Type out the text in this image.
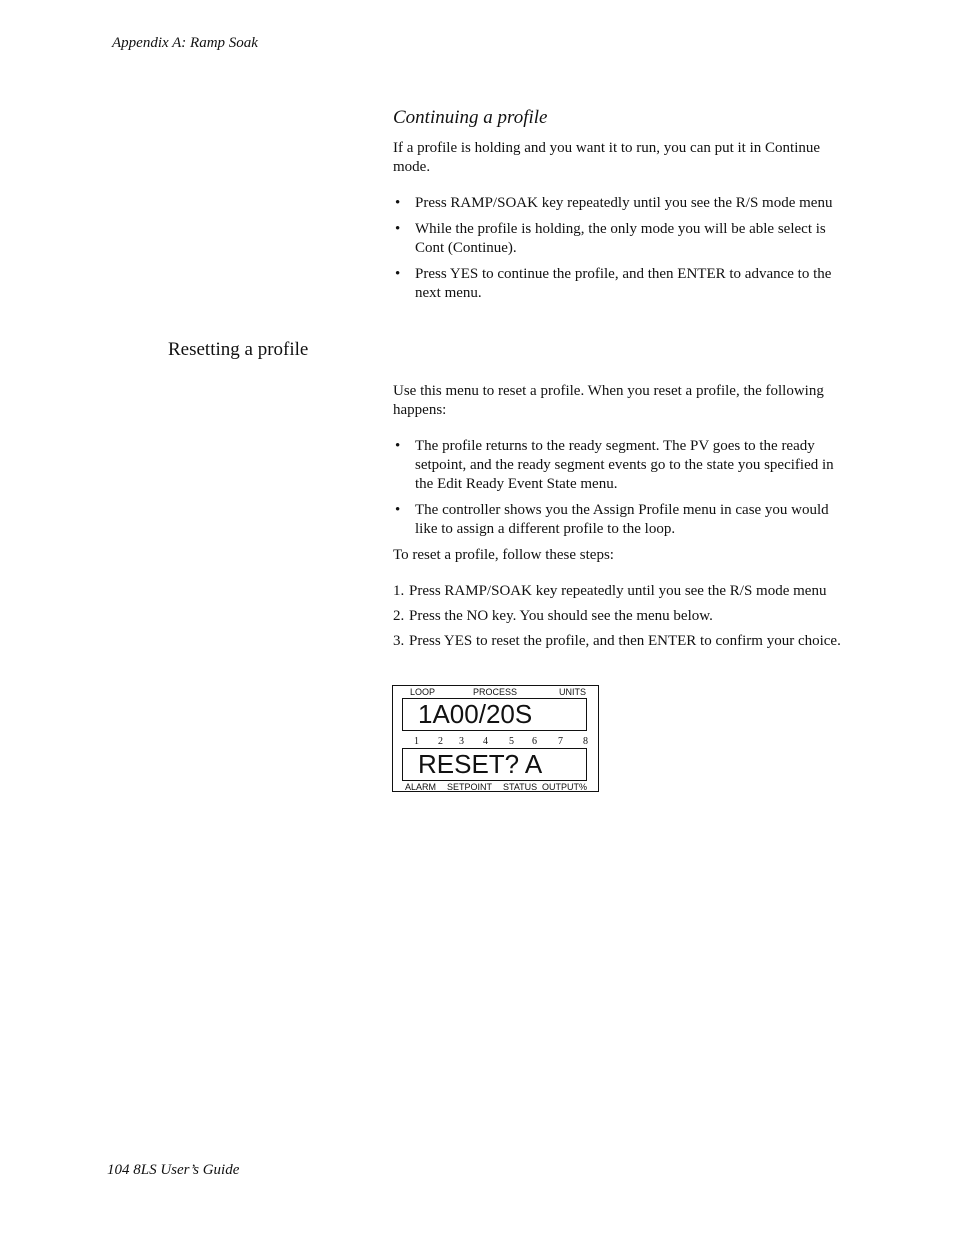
Appendix A: Ramp Soak
Continuing a profile

If a profile is holding and you want it to run, you can put it in Continue mode.

• Press RAMP/SOAK key repeatedly until you see the R/S mode menu
• While the profile is holding, the only mode you will be able select is Cont (Continue).
• Press YES to continue the profile, and then ENTER to advance to the next menu.
Resetting a profile

Use this menu to reset a profile. When you reset a profile, the following happens:

• The profile returns to the ready segment. The PV goes to the ready setpoint, and the ready segment events go to the state you specified in the Edit Ready Event State menu.
• The controller shows you the Assign Profile menu in case you would like to assign a different profile to the loop.

To reset a profile, follow these steps:

1. Press RAMP/SOAK key repeatedly until you see the R/S mode menu
2. Press the NO key. You should see the menu below.
3. Press YES to reset the profile, and then ENTER to confirm your choice.
LOOP	PROCESS	UNITS
1A00/20S
1 2 3 4 5 6 7 8
RESET? A
ALARM SETPOINT STATUS OUTPUT%
104 8LS User’s Guide
